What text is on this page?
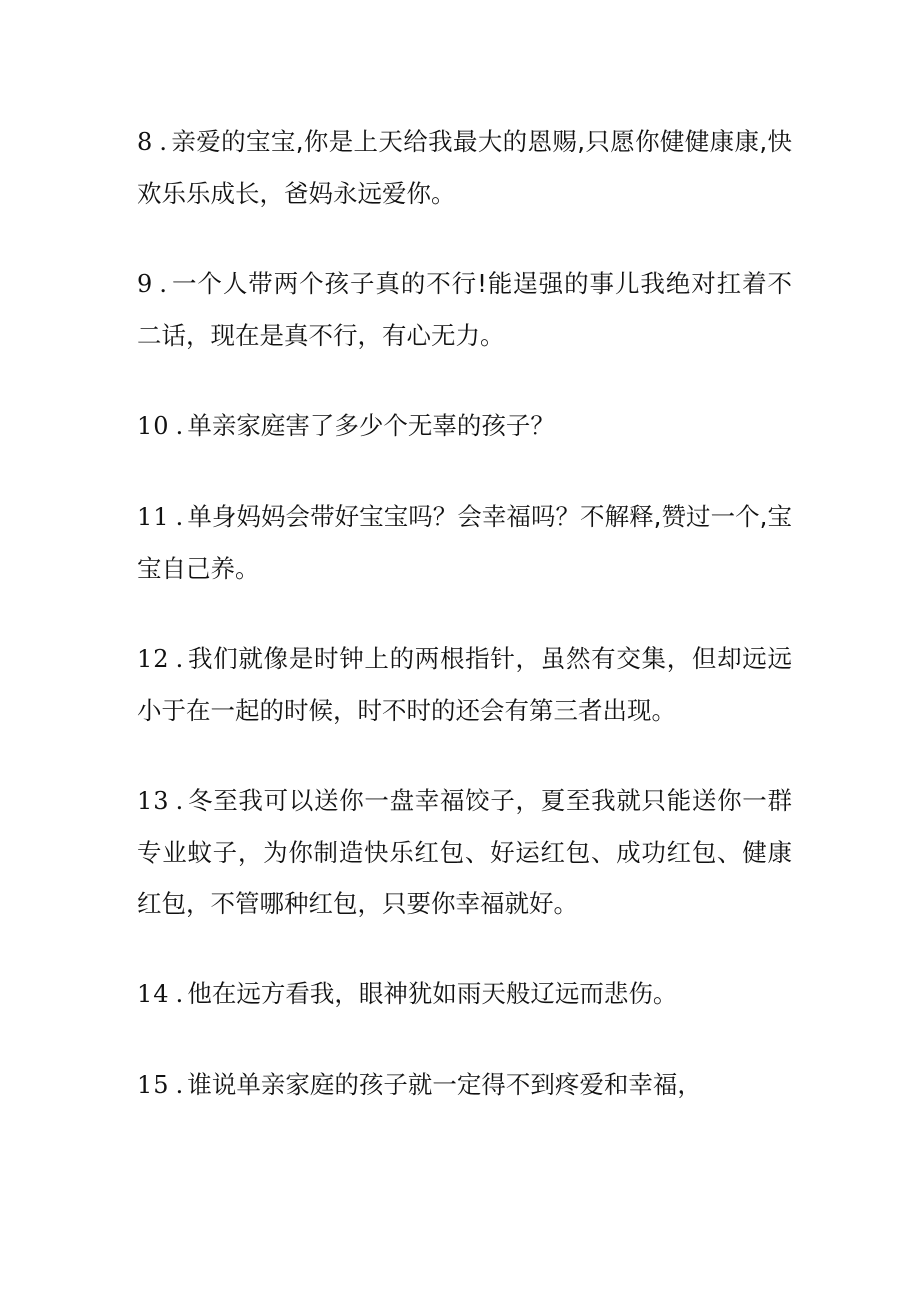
8 . 亲爱的宝宝,你是上天给我最大的恩赐,只愿你健健康康,快欢乐乐成长，爸妈永远爱你。

9 . 一个人带两个孩子真的不行!能逞强的事儿我绝对扛着不二话，现在是真不行，有心无力。

10 . 单亲家庭害了多少个无辜的孩子？

11 . 单身妈妈会带好宝宝吗？会幸福吗？不解释,赞过一个,宝宝自己养。

12 . 我们就像是时钟上的两根指针，虽然有交集，但却远远小于在一起的时候，时不时的还会有第三者出现。

13 . 冬至我可以送你一盘幸福饺子，夏至我就只能送你一群专业蚊子，为你制造快乐红包、好运红包、成功红包、健康红包，不管哪种红包，只要你幸福就好。

14 . 他在远方看我，眼神犹如雨天般辽远而悲伤。

15 . 谁说单亲家庭的孩子就一定得不到疼爱和幸福，
